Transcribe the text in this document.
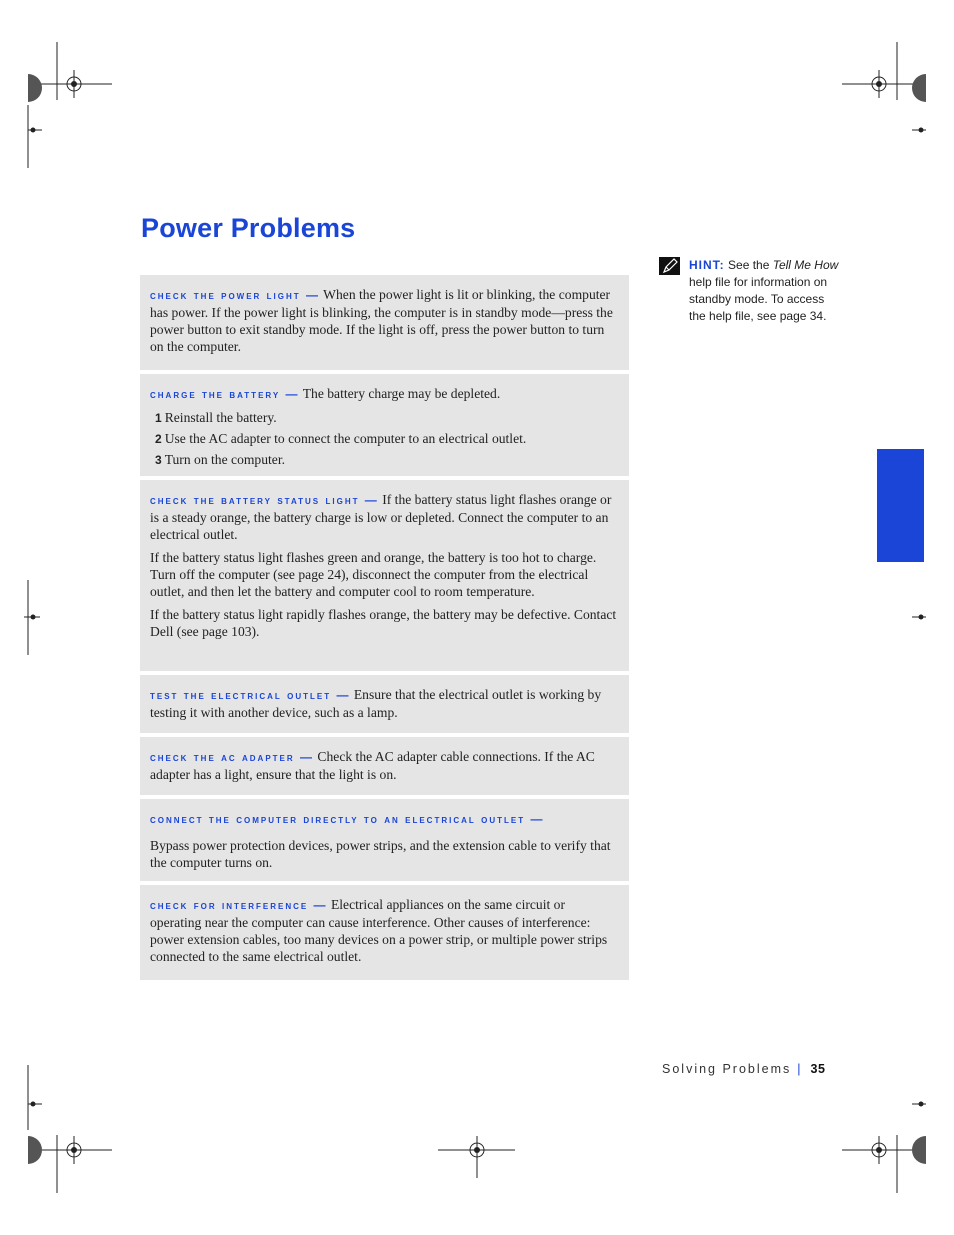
Power Problems
HINT: See the Tell Me How help file for information on standby mode. To access the help file, see page 34.

check the power light — When the power light is lit or blinking, the computer has power. If the power light is blinking, the computer is in standby mode—press the power button to exit standby mode. If the light is off, press the power button to turn on the computer.

charge the battery — The battery charge may be depleted.

1 Reinstall the battery.
2 Use the AC adapter to connect the computer to an electrical outlet.
3 Turn on the computer.

check the battery status light — If the battery status light flashes orange or is a steady orange, the battery charge is low or depleted. Connect the computer to an electrical outlet.

If the battery status light flashes green and orange, the battery is too hot to charge. Turn off the computer (see page 24), disconnect the computer from the electrical outlet, and then let the battery and computer cool to room temperature.

If the battery status light rapidly flashes orange, the battery may be defective. Contact Dell (see page 103).

test the electrical outlet — Ensure that the electrical outlet is working by testing it with another device, such as a lamp.

check the ac adapter — Check the AC adapter cable connections. If the AC adapter has a light, ensure that the light is on.

connect the computer directly to an electrical outlet —

Bypass power protection devices, power strips, and the extension cable to verify that the computer turns on.

check for interference — Electrical appliances on the same circuit or operating near the computer can cause interference. Other causes of interference: power extension cables, too many devices on a power strip, or multiple power strips connected to the same electrical outlet.

Solving Problems | 35
